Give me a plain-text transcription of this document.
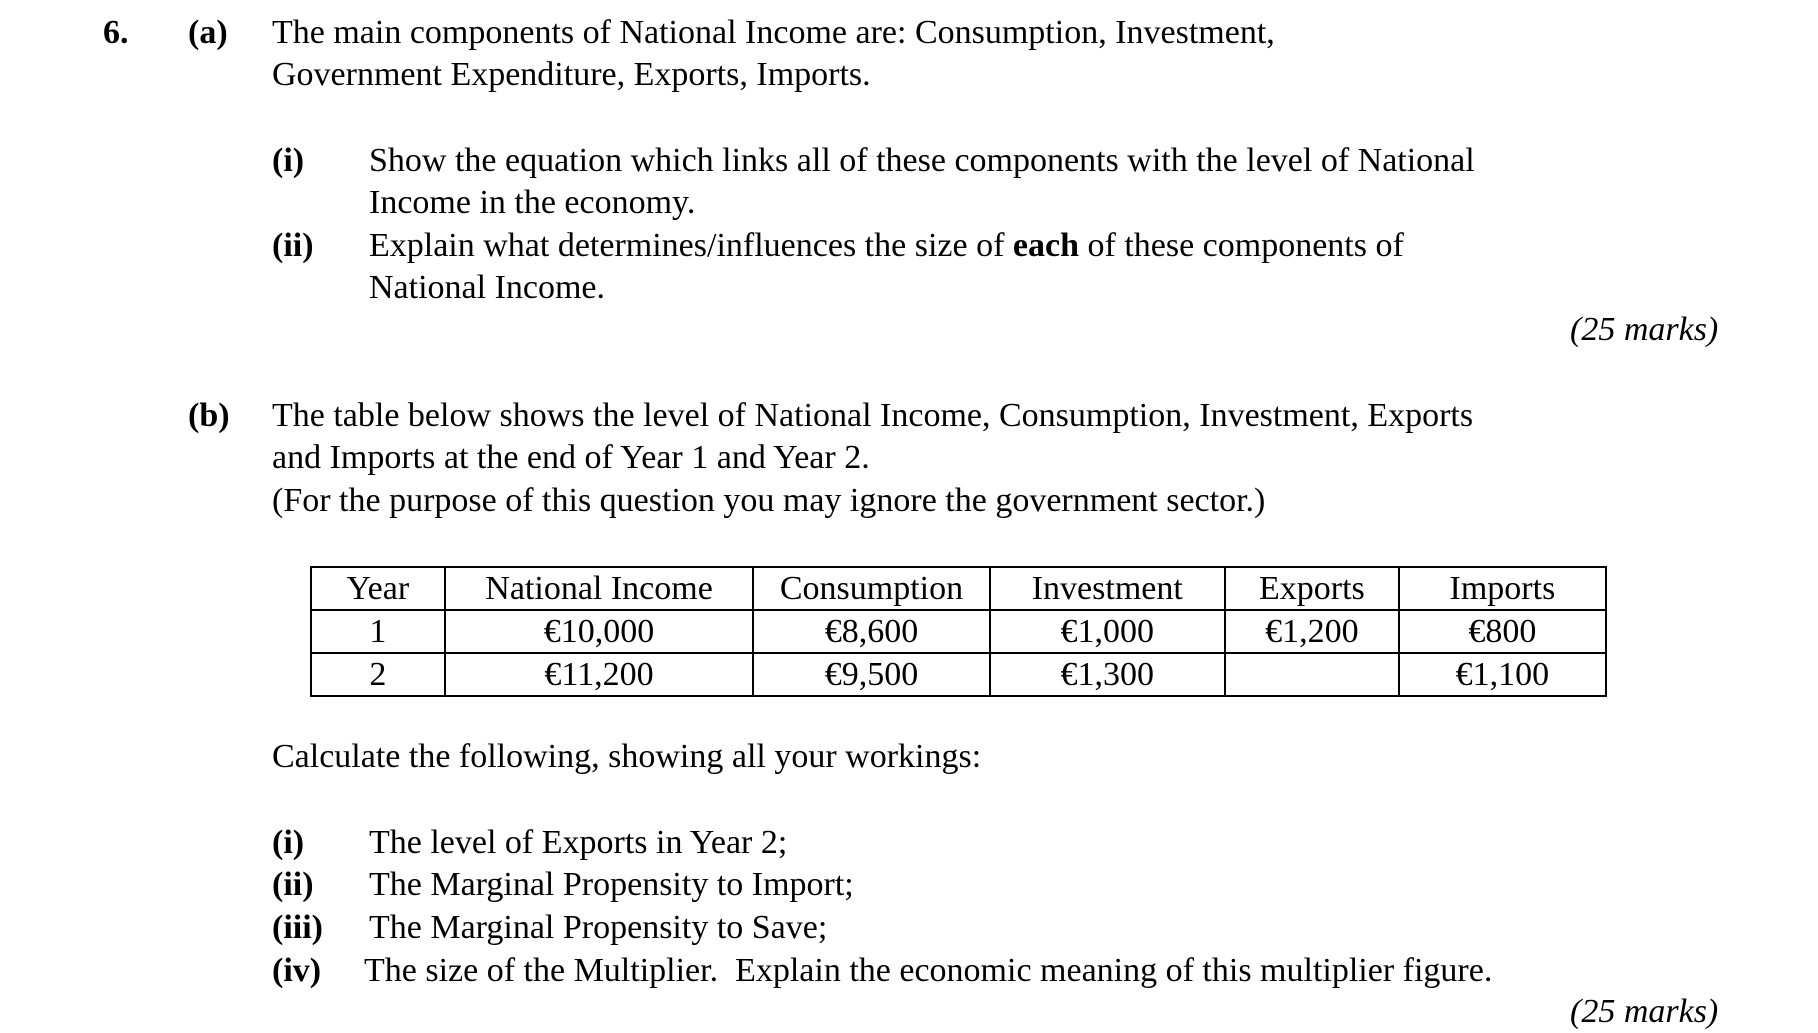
6. (a) The main components of National Income are: Consumption, Investment,
Government Expenditure, Exports, Imports.
(i) Show the equation which links all of these components with the level of National
Income in the economy.
(ii) Explain what determines/influences the size of each of these components of
National Income.
(25 marks)
(b) The table below shows the level of National Income, Consumption, Investment, Exports
and Imports at the end of Year 1 and Year 2.
(For the purpose of this question you may ignore the government sector.)
Year	National Income	Consumption	Investment	Exports	Imports
1	€10,000	€8,600	€1,000	€1,200	€800
2	€11,200	€9,500	€1,300		€1,100
Calculate the following, showing all your workings:
(i) The level of Exports in Year 2;
(ii) The Marginal Propensity to Import;
(iii) The Marginal Propensity to Save;
(iv) The size of the Multiplier.  Explain the economic meaning of this multiplier figure.
(25 marks)
